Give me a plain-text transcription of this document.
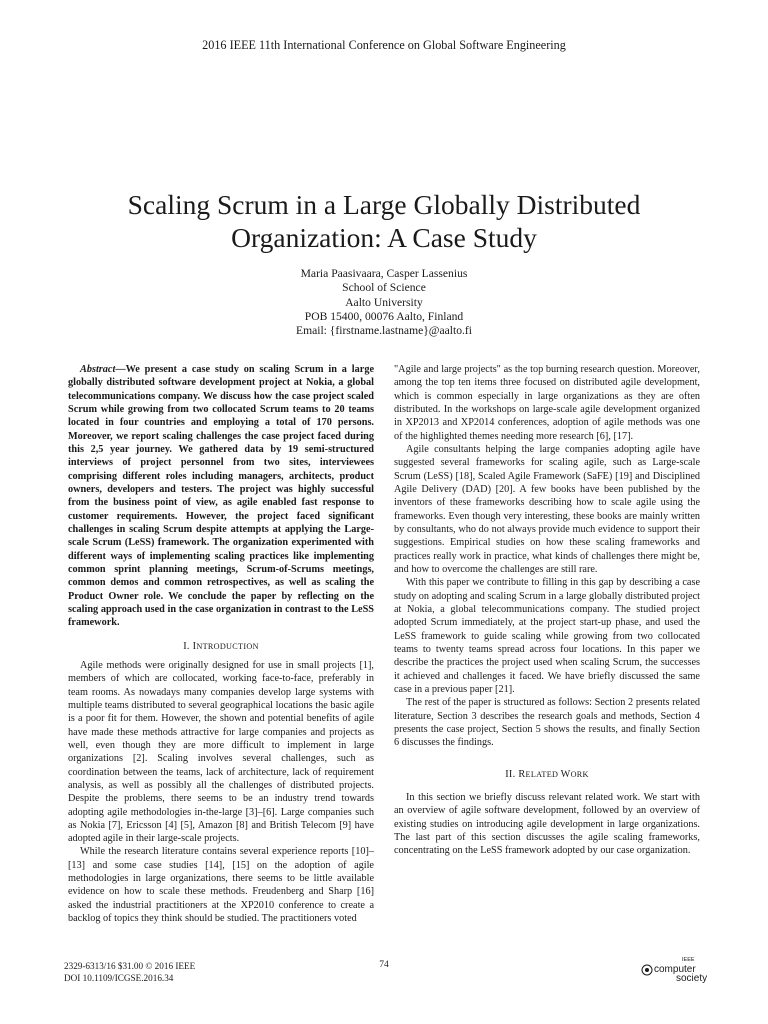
2016 IEEE 11th International Conference on Global Software Engineering
Scaling Scrum in a Large Globally Distributed
Organization: A Case Study
Maria Paasivaara, Casper Lassenius
School of Science
Aalto University
POB 15400, 00076 Aalto, Finland
Email: {firstname.lastname}@aalto.fi

Abstract—We present a case study on scaling Scrum in a large globally distributed software development project at Nokia, a global telecommunications company. We discuss how the case project scaled Scrum while growing from two collocated Scrum teams to 20 teams located in four countries and employing a total of 170 persons. Moreover, we report scaling challenges the case project faced during this 2,5 year journey. We gathered data by 19 semi-structured interviews of project personnel from two sites, interviewees comprising different roles including managers, architects, product owners, developers and testers. The project was highly successful from the business point of view, as agile enabled fast response to customer requirements. However, the project faced significant challenges in scaling Scrum despite attempts at applying the Large-scale Scrum (LeSS) framework. The organization experimented with different ways of implementing scaling practices like implementing common sprint planning meetings, Scrum-of-Scrums meetings, common demos and common retrospectives, as well as scaling the Product Owner role. We conclude the paper by reflecting on the scaling approach used in the case organization in contrast to the LeSS framework.

I. INTRODUCTION

Agile methods were originally designed for use in small projects [1], members of which are collocated, working face-to-face, preferably in team rooms. As nowadays many companies develop large systems with multiple teams distributed to several geographical locations the basic agile is a poor fit for them. However, the shown and potential benefits of agile have made these methods attractive for large companies and projects as well, even though they are more difficult to implement in large organizations [2]. Scaling involves several challenges, such as coordination between the teams, lack of architecture, lack of requirement analysis, as well as possibly all the challenges of distributed projects. Despite the problems, there seems to be an industry trend towards adopting agile methodologies in-the-large [3]–[6]. Large companies such as Nokia [7], Ericsson [4] [5], Amazon [8] and British Telecom [9] have adopted agile in their large-scale projects.

While the research literature contains several experience reports [10]–[13] and some case studies [14], [15] on the adoption of agile methodologies in large organizations, there seems to be little available evidence on how to scale these methods. Freudenberg and Sharp [16] asked the industrial practitioners at the XP2010 conference to create a backlog of topics they think should be studied. The practitioners voted

"Agile and large projects" as the top burning research question. Moreover, among the top ten items three focused on distributed agile development, which is common especially in large organizations as they are often distributed. In the workshops on large-scale agile development organized in XP2013 and XP2014 conferences, adoption of agile methods was one of the highlighted themes needing more research [6], [17].

Agile consultants helping the large companies adopting agile have suggested several frameworks for scaling agile, such as Large-scale Scrum (LeSS) [18], Scaled Agile Framework (SaFE) [19] and Disciplined Agile Delivery (DAD) [20]. A few books have been published by the inventors of these frameworks describing how to scale agile using the frameworks. Even though very interesting, these books are mainly written by consultants, who do not always provide much evidence to support their suggestions. Empirical studies on how these scaling frameworks and practices really work in practice, what kinds of challenges there might be, and how to overcome the challenges are still rare.

With this paper we contribute to filling in this gap by describing a case study on adopting and scaling Scrum in a large globally distributed project at Nokia, a global telecommunications company. The studied project adopted Scrum immediately, at the project start-up phase, and used the LeSS framework to guide scaling while growing from two collocated teams to twenty teams spread across four locations. In this paper we describe the practices the project used when scaling Scrum, the successes it achieved and challenges it faced. We have briefly discussed the same case in a previous paper [21].

The rest of the paper is structured as follows: Section 2 presents related literature, Section 3 describes the research goals and methods, Section 4 presents the case project, Section 5 shows the results, and finally Section 6 discusses the findings.

II. RELATED WORK

In this section we briefly discuss relevant related work. We start with an overview of agile software development, followed by an overview of existing studies on introducing agile development in large organizations. The last part of this section discusses the agile scaling frameworks, concentrating on the LeSS framework adopted by our case organization.

2329-6313/16 $31.00 © 2016 IEEE
DOI 10.1109/ICGSE.2016.34
74	IEEE
computer
society
